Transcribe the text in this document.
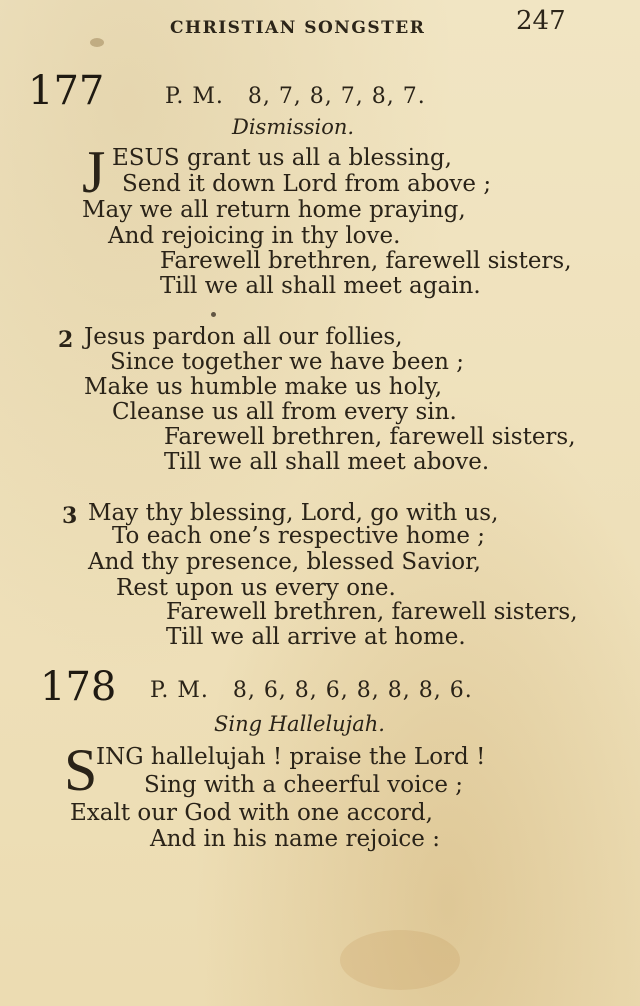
CHRISTIAN SONGSTER	247
177	P. M.   8, 7, 8, 7, 8, 7.
Dismission.
J ESUS grant us all a blessing,
Send it down Lord from above ;
May we all return home praying,
And rejoicing in thy love.
Farewell brethren, farewell sisters,
Till we all shall meet again.
2 Jesus pardon all our follies,
Since together we have been ;
Make us humble make us holy,
Cleanse us all from every sin.
Farewell brethren, farewell sisters,
Till we all shall meet above.
3 May thy blessing, Lord, go with us,
To each one’s respective home ;
And thy presence, blessed Savior,
Rest upon us every one.
Farewell brethren, farewell sisters,
Till we all arrive at home.
178 P. M.   8, 6, 8, 6, 8, 8, 8, 6.
Sing Hallelujah.
S
ING hallelujah ! praise the Lord !
Sing with a cheerful voice ;
Exalt our God with one accord,
And in his name rejoice :
